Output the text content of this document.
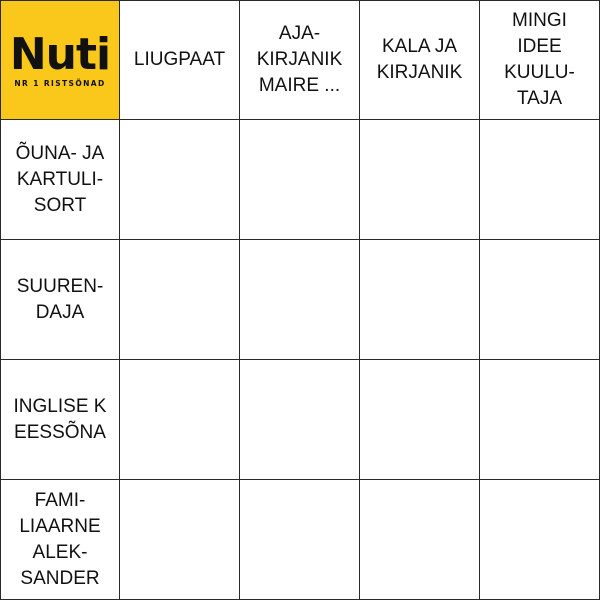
Nuti
NR 1 RISTSÕNAD
LIUGPAAT
AJA-
KIRJANIK
MAIRE ...
KALA JA
KIRJANIK
MINGI
IDEE
KUULU-
TAJA
ÕUNA- JA
KARTULI-
SORT
SUUREN-
DAJA
INGLISE K
EESSÕNA
FAMI-
LIAARNE
ALEK-
SANDER
